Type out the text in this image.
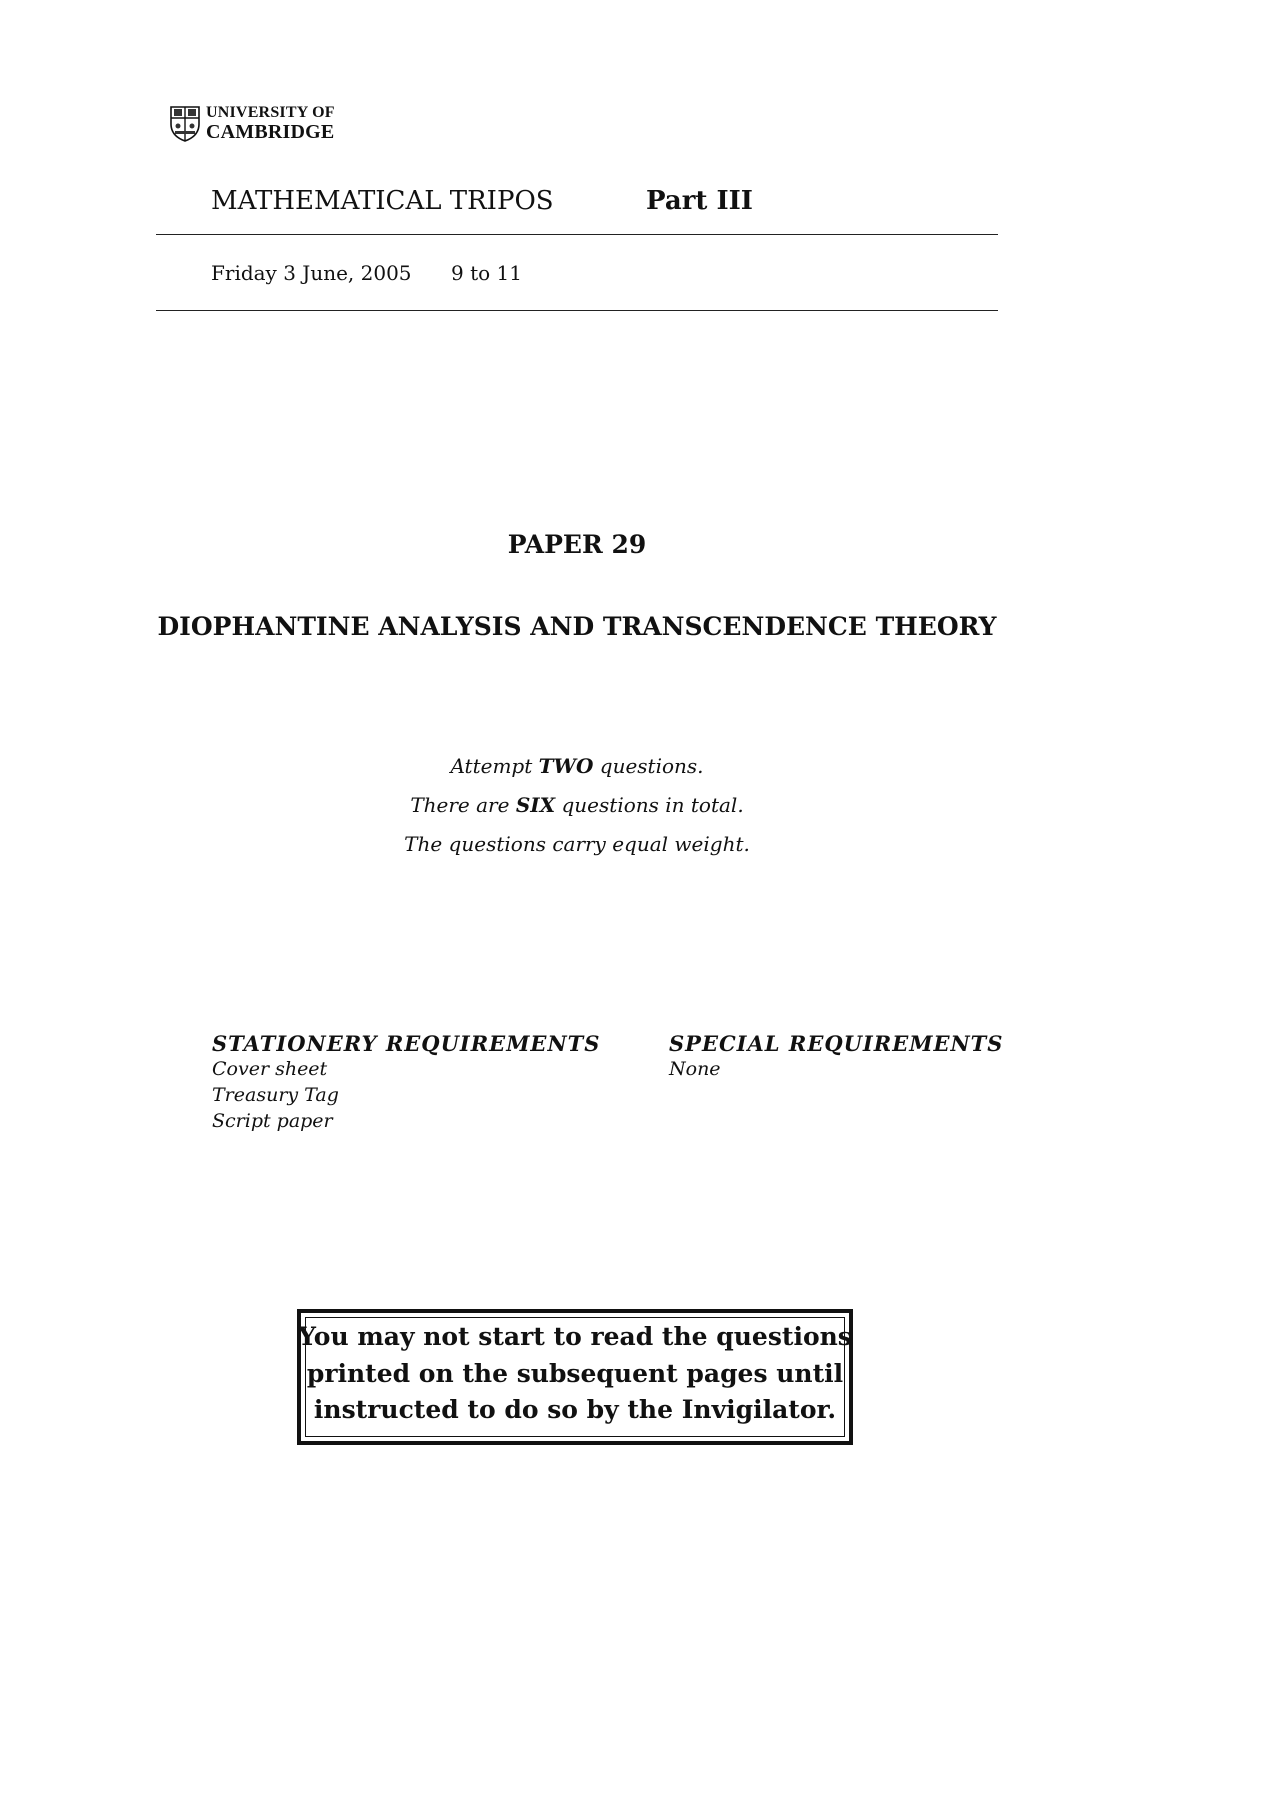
UNIVERSITY OF
CAMBRIDGE
MATHEMATICAL TRIPOS	Part III
Friday 3 June, 2005 9 to 11
PAPER 29
DIOPHANTINE ANALYSIS AND TRANSCENDENCE THEORY
Attempt TWO questions.
There are SIX questions in total.
The questions carry equal weight.
STATIONERY REQUIREMENTS
Cover sheet
Treasury Tag
Script paper
SPECIAL REQUIREMENTS
None
You may not start to read the questions
printed on the subsequent pages until
instructed to do so by the Invigilator.
